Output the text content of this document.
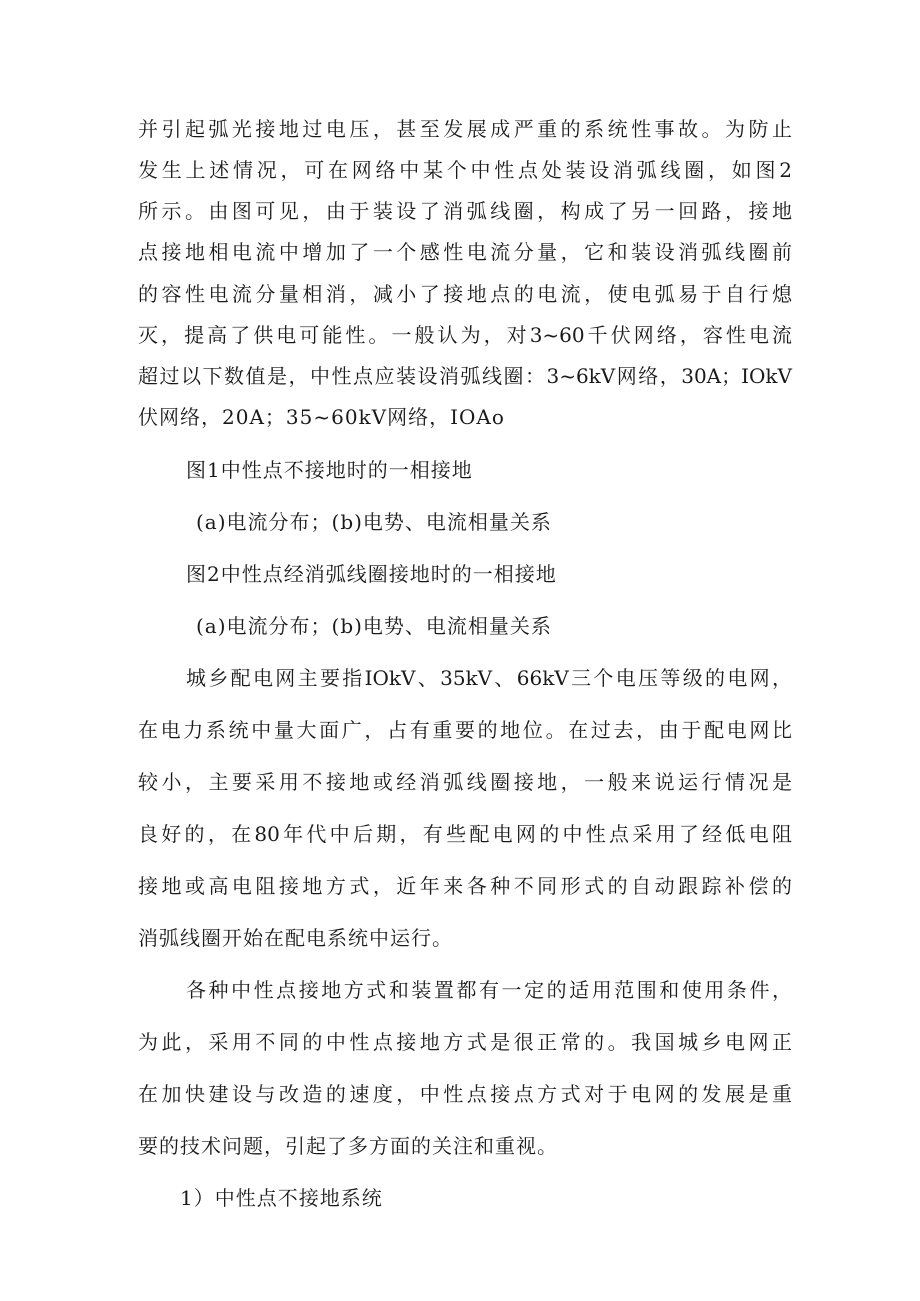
并引起弧光接地过电压，甚至发展成严重的系统性事故。为防止
发生上述情况，可在网络中某个中性点处装设消弧线圈，如图2
所示。由图可见，由于装设了消弧线圈，构成了另一回路，接地
点接地相电流中增加了一个感性电流分量，它和装设消弧线圈前
的容性电流分量相消，减小了接地点的电流，使电弧易于自行熄
灭，提高了供电可能性。一般认为，对3~60千伏网络，容性电流
超过以下数值是，中性点应装设消弧线圈：3~6kV网络，30A；IOkV
伏网络，20A；35~60kV网络，IOAo
图1中性点不接地时的一相接地
(a)电流分布；(b)电势、电流相量关系
图2中性点经消弧线圈接地时的一相接地
(a)电流分布；(b)电势、电流相量关系
城乡配电网主要指IOkV、35kV、66kV三个电压等级的电网，
在电力系统中量大面广，占有重要的地位。在过去，由于配电网比
较小，主要采用不接地或经消弧线圈接地，一般来说运行情况是
良好的，在80年代中后期，有些配电网的中性点采用了经低电阻
接地或高电阻接地方式，近年来各种不同形式的自动跟踪补偿的
消弧线圈开始在配电系统中运行。
各种中性点接地方式和装置都有一定的适用范围和使用条件，
为此，采用不同的中性点接地方式是很正常的。我国城乡电网正
在加快建设与改造的速度，中性点接点方式对于电网的发展是重
要的技术问题，引起了多方面的关注和重视。
1）中性点不接地系统
